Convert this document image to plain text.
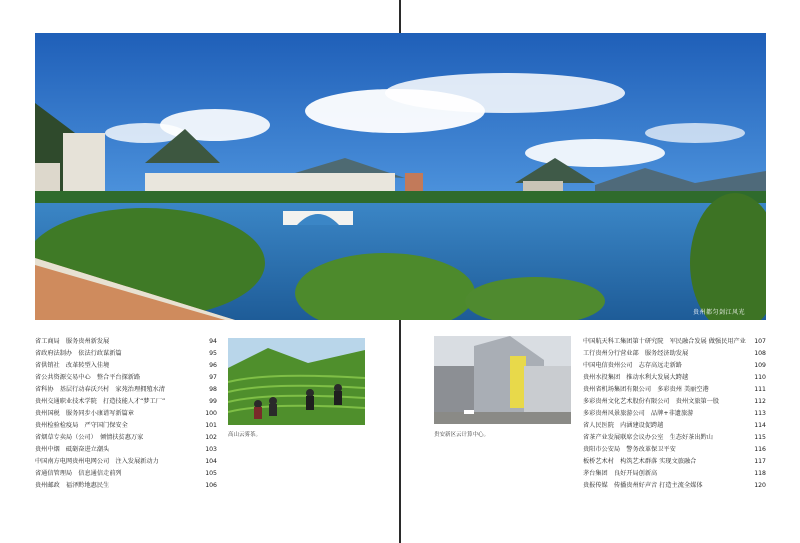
贵州都匀剑江风光
省工商局　服务贵州新发展	94
省政府法制办　依法行政谋新篇	95
省供销社　改革转型入佳境	96
省公共资源交易中心　整合平台探新路	97
省科协　基层行动春沃兴村　家苑治理拥殖水清	98
贵州交通职业技术学院　打造技能人才“梦工厂”	99
贵州国税　服务同步小康谱写新篇章	100
贵州检验检疫局　严守国门保安全	101
省烟草专卖局（公司）　倾情扶贫惠万家	102
贵州中烟　砥砺奋进立潮头	103
中国南方电网贵州电网公司　注入发展新动力	104
省通信管理局　信息通信走前列	105
贵州邮政　福泽黔地惠民生	106
高山云雾茶。	贵安新区云计算中心。
中国航天科工集团第十研究院　军民融合发展 做强民用产业	107
工行贵州分行营业部　服务经济助发展	108
中国电信贵州公司　志存高远走新路	109
贵州水投集团　推动水利大发展大跨越	110
贵州省机场集团有限公司　多彩贵州 美丽空港	111
多彩贵州文化艺术股份有限公司　贵州文旅第一股	112
多彩贵州风景旅游公司　品牌+非遗旅游	113
省人民医院　内涵建设促跨越	114
省茶产业发展联席会议办公室　生态好茶出黔山	115
贵阳市公安局　警务改革保卫平安	116
板桥艺术村　构筑艺术群落 实现文旅融合	117
茅台集团　良好开局创新高	118
贵报传媒　传播贵州好声音 打造主流全媒体	120
